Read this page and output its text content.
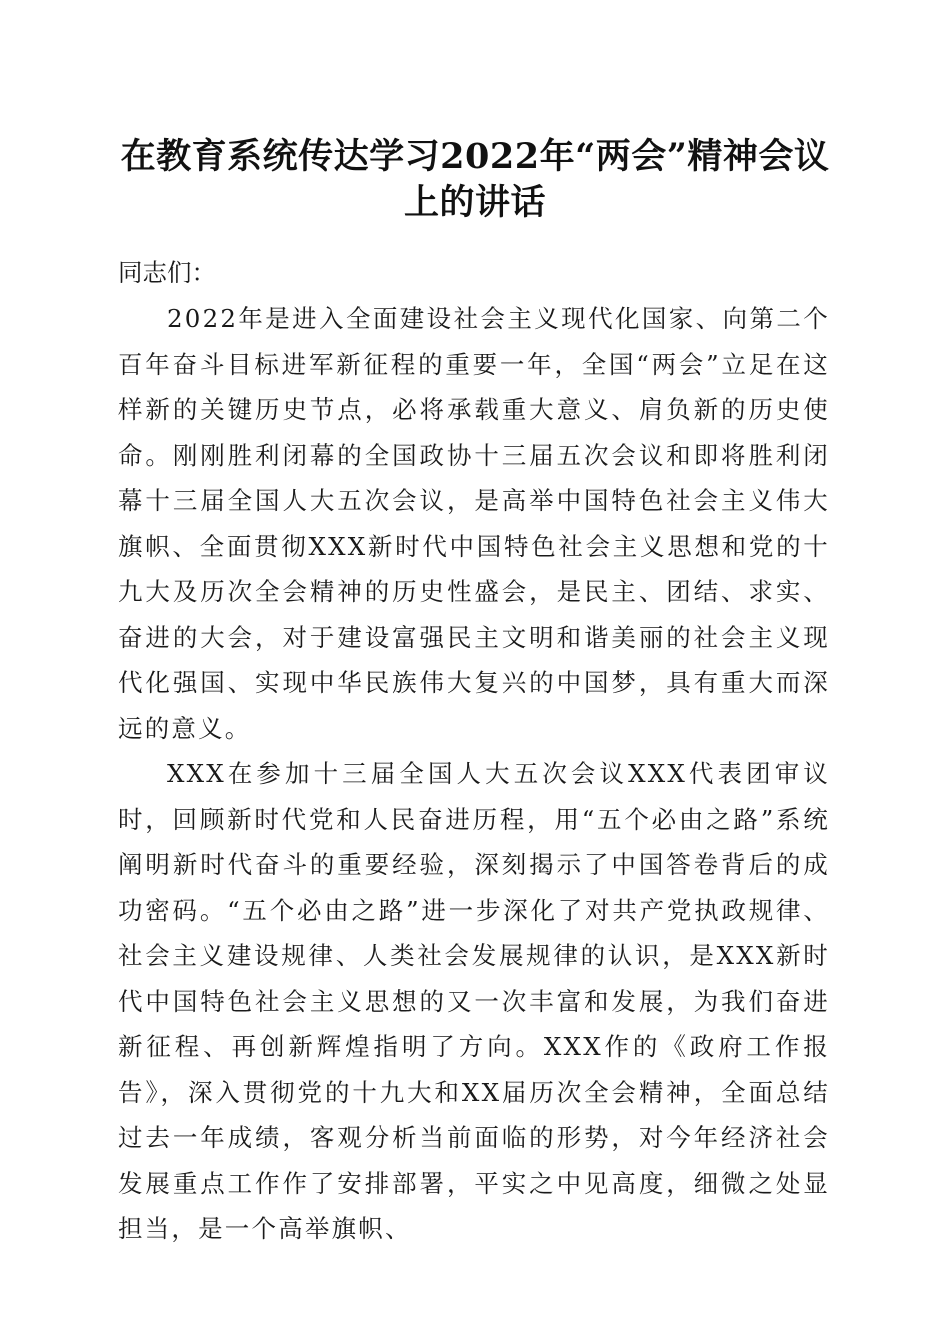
在教育系统传达学习2022年“两会”精神会议上的讲话

同志们：

2022年是进入全面建设社会主义现代化国家、向第二个百年奋斗目标进军新征程的重要一年，全国“两会”立足在这样新的关键历史节点，必将承载重大意义、肩负新的历史使命。刚刚胜利闭幕的全国政协十三届五次会议和即将胜利闭幕十三届全国人大五次会议，是高举中国特色社会主义伟大旗帜、全面贯彻XXX新时代中国特色社会主义思想和党的十九大及历次全会精神的历史性盛会，是民主、团结、求实、奋进的大会，对于建设富强民主文明和谐美丽的社会主义现代化强国、实现中华民族伟大复兴的中国梦，具有重大而深远的意义。

XXX在参加十三届全国人大五次会议XXX代表团审议时，回顾新时代党和人民奋进历程，用“五个必由之路”系统阐明新时代奋斗的重要经验，深刻揭示了中国答卷背后的成功密码。“五个必由之路”进一步深化了对共产党执政规律、社会主义建设规律、人类社会发展规律的认识，是XXX新时代中国特色社会主义思想的又一次丰富和发展，为我们奋进新征程、再创新辉煌指明了方向。XXX作的《政府工作报告》，深入贯彻党的十九大和XX届历次全会精神，全面总结过去一年成绩，客观分析当前面临的形势，对今年经济社会发展重点工作作了安排部署，平实之中见高度，细微之处显担当，是一个高举旗帜、
